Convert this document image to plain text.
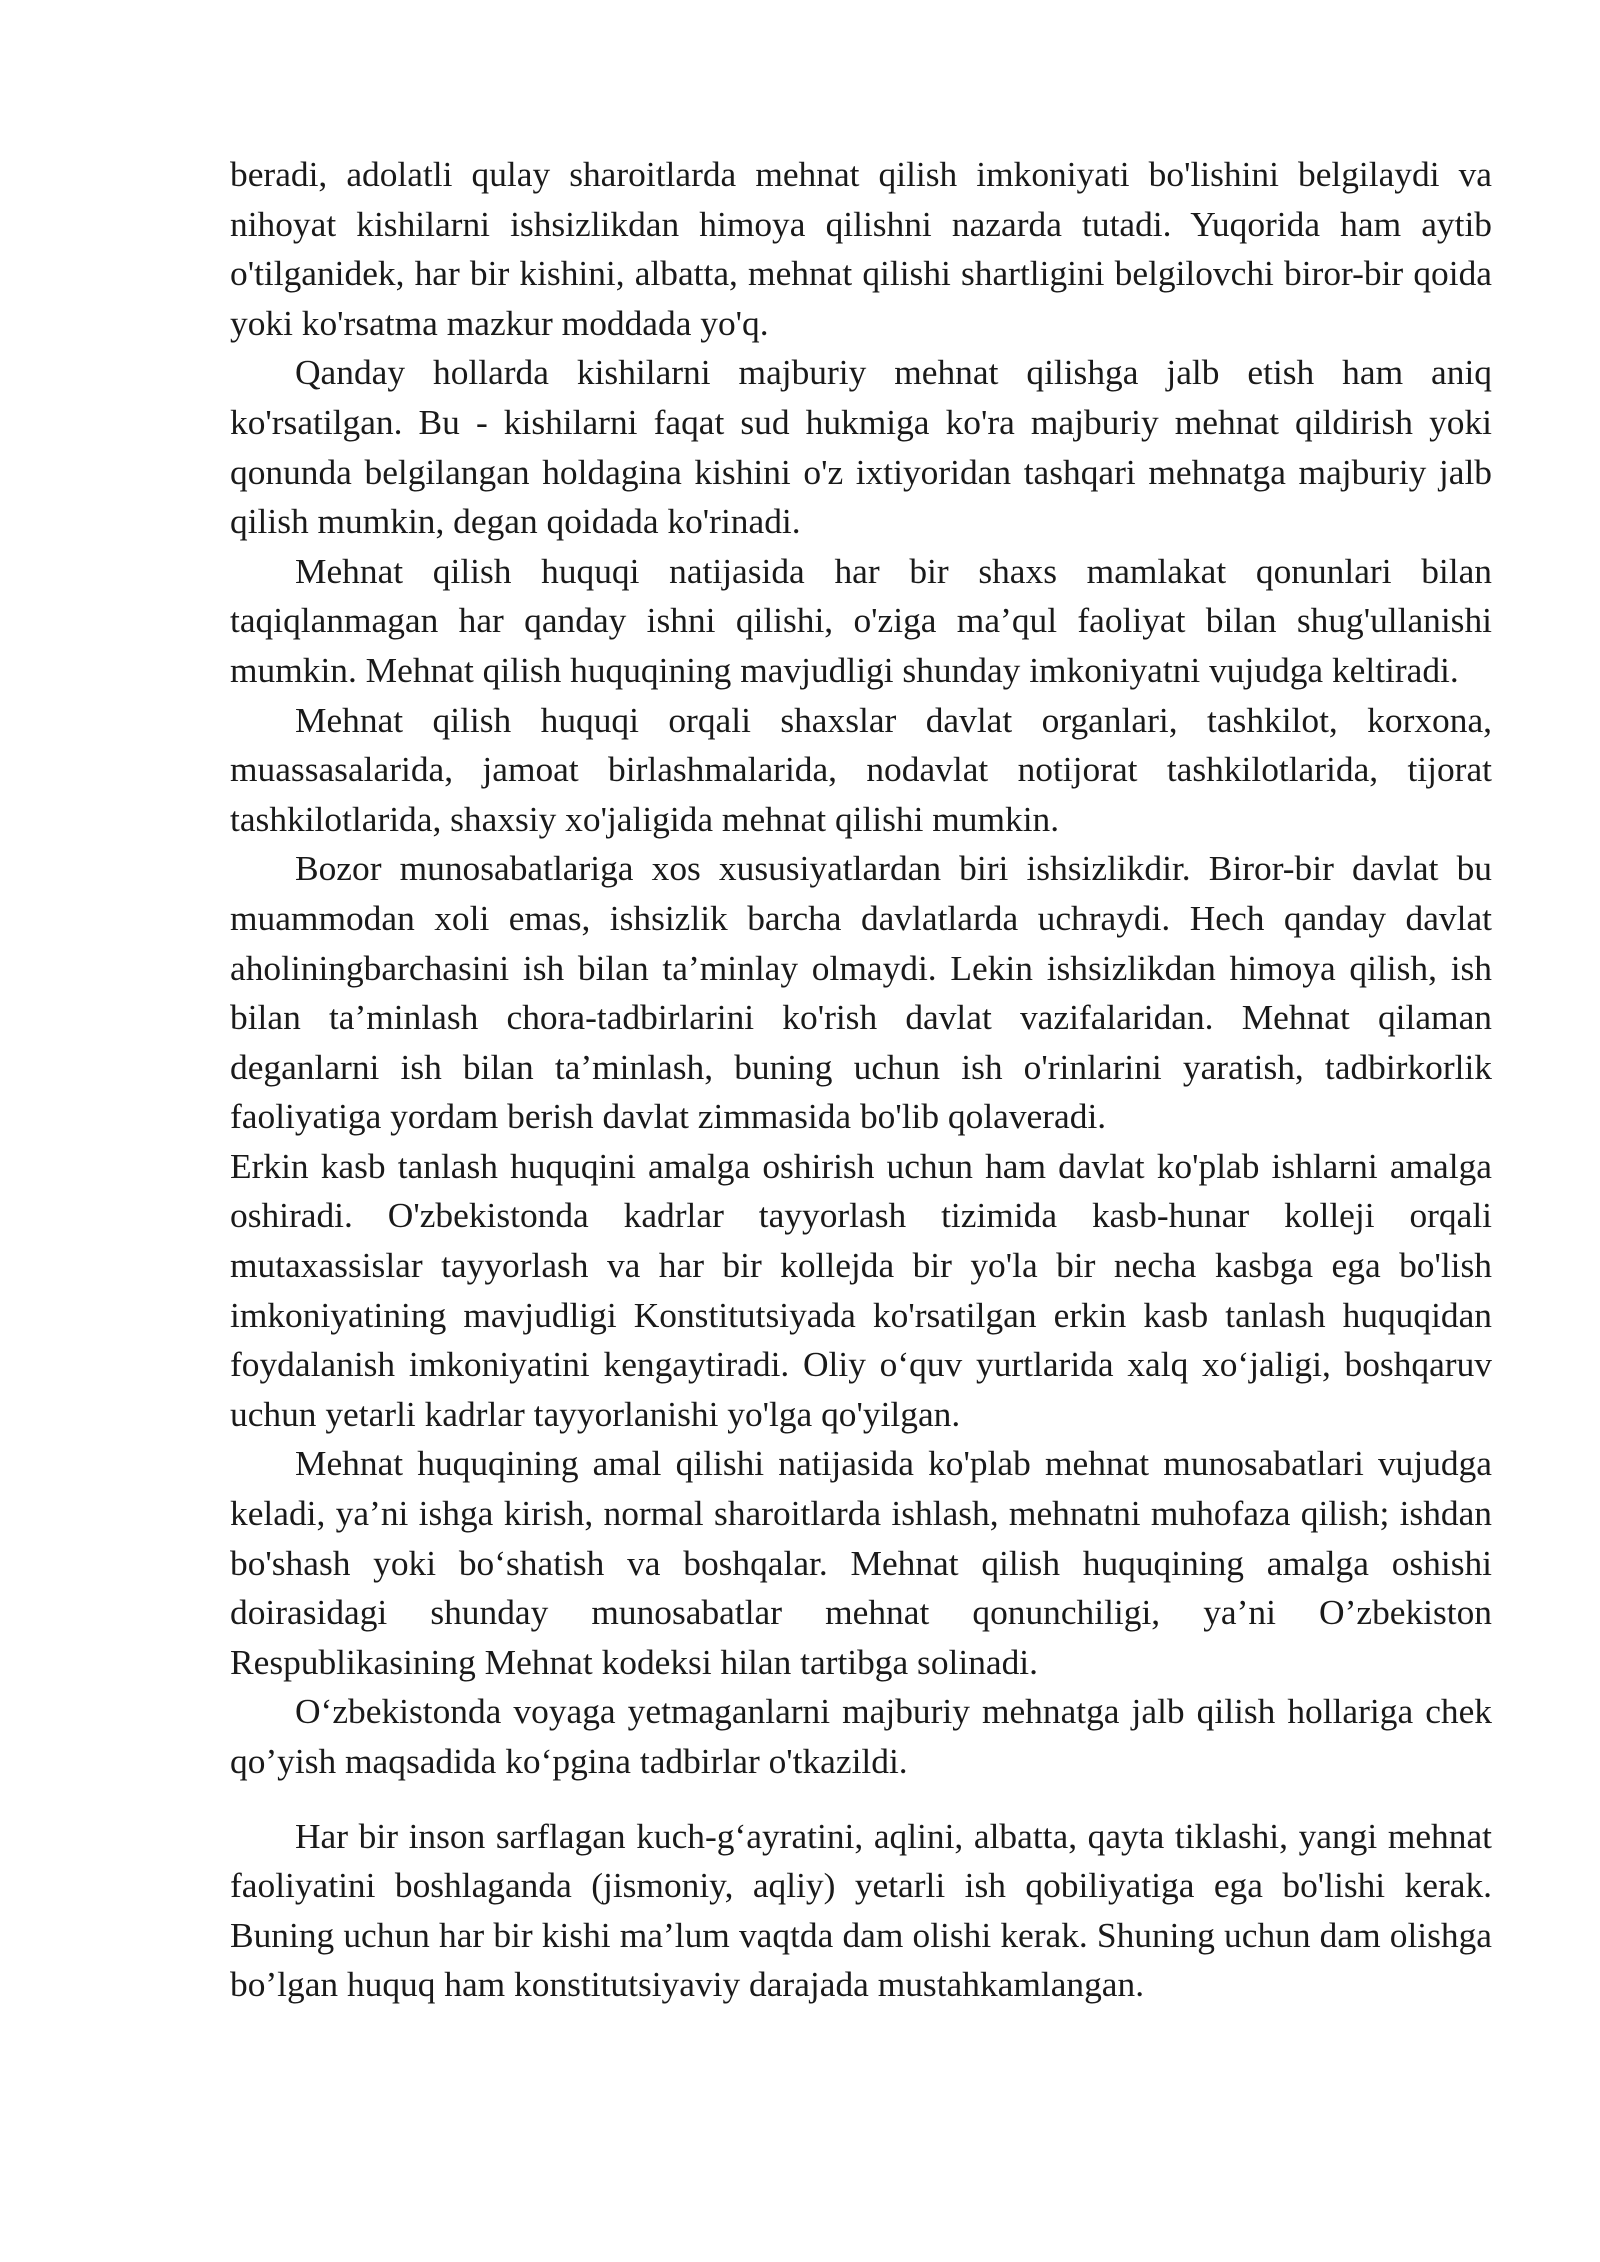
beradi, adolatli qulay sharoitlarda mehnat qilish imkoniyati bo'lishini belgilaydi va nihoyat kishilarni ishsizlikdan himoya qilishni nazarda tutadi. Yuqorida ham aytib o'tilganidek, har bir kishini, albatta, mehnat qilishi shartligini belgilovchi biror-bir qoida yoki ko'rsatma mazkur moddada yo'q.

Qanday hollarda kishilarni majburiy mehnat qilishga jalb etish ham aniq ko'rsatilgan. Bu - kishilarni faqat sud hukmiga ko'ra majburiy mehnat qildirish yoki qonunda belgilangan holdagina kishini o'z ixtiyoridan tashqari mehnatga majburiy jalb qilish mumkin, degan qoidada ko'rinadi.

Mehnat qilish huquqi natijasida har bir shaxs mamlakat qonunlari bilan taqiqlanmagan har qanday ishni qilishi, o'ziga ma’qul faoliyat bilan shug'ullanishi mumkin. Mehnat qilish huquqining mavjudligi shunday imkoniyatni vujudga keltiradi.

Mehnat qilish huquqi orqali shaxslar davlat organlari, tashkilot, korxona, muassasalarida, jamoat birlashmalarida, nodavlat notijorat tashkilotlarida, tijorat tashkilotlarida, shaxsiy xo'jaligida mehnat qilishi mumkin.

Bozor munosabatlariga xos xususiyatlardan biri ishsizlikdir. Biror-bir davlat bu muammodan xoli emas, ishsizlik barcha davlatlarda uchraydi. Hech qanday davlat aholiningbarchasini ish bilan ta’minlay olmaydi. Lekin ishsizlikdan himoya qilish, ish bilan ta’minlash chora-tadbirlarini ko'rish davlat vazifalaridan. Mehnat qilaman deganlarni ish bilan ta’minlash, buning uchun ish o'rinlarini yaratish, tadbirkorlik faoliyatiga yordam berish davlat zimmasida bo'lib qolaveradi.

Erkin kasb tanlash huquqini amalga oshirish uchun ham davlat ko'plab ishlarni amalga oshiradi. O'zbekistonda kadrlar tayyorlash tizimida kasb-hunar kolleji orqali mutaxassislar tayyorlash va har bir kollejda bir yo'la bir necha kasbga ega bo'lish imkoniyatining mavjudligi Konstitutsiyada ko'rsatilgan erkin kasb tanlash huquqidan foydalanish imkoniyatini kengaytiradi. Oliy o‘quv yurtlarida xalq xo‘jaligi, boshqaruv uchun yetarli kadrlar tayyorlanishi yo'lga qo'yilgan.

Mehnat huquqining amal qilishi natijasida ko'plab mehnat munosabatlari vujudga keladi, ya’ni ishga kirish, normal sharoitlarda ishlash, mehnatni muhofaza qilish; ishdan bo'shash yoki bo‘shatish va boshqalar. Mehnat qilish huquqining amalga oshishi doirasidagi shunday munosabatlar mehnat qonunchiligi, ya’ni O’zbekiston Respublikasining Mehnat kodeksi hilan tartibga solinadi.

O‘zbekistonda voyaga yetmaganlarni majburiy mehnatga jalb qilish hollariga chek qo’yish maqsadida ko‘pgina tadbirlar o'tkazildi.

Har bir inson sarflagan kuch-g‘ayratini, aqlini, albatta, qayta tiklashi, yangi mehnat faoliyatini boshlaganda (jismoniy, aqliy) yetarli ish qobiliyatiga ega bo'lishi kerak. Buning uchun har bir kishi ma’lum vaqtda dam olishi kerak. Shuning uchun dam olishga bo’lgan huquq ham konstitutsiyaviy darajada mustahkamlangan.
